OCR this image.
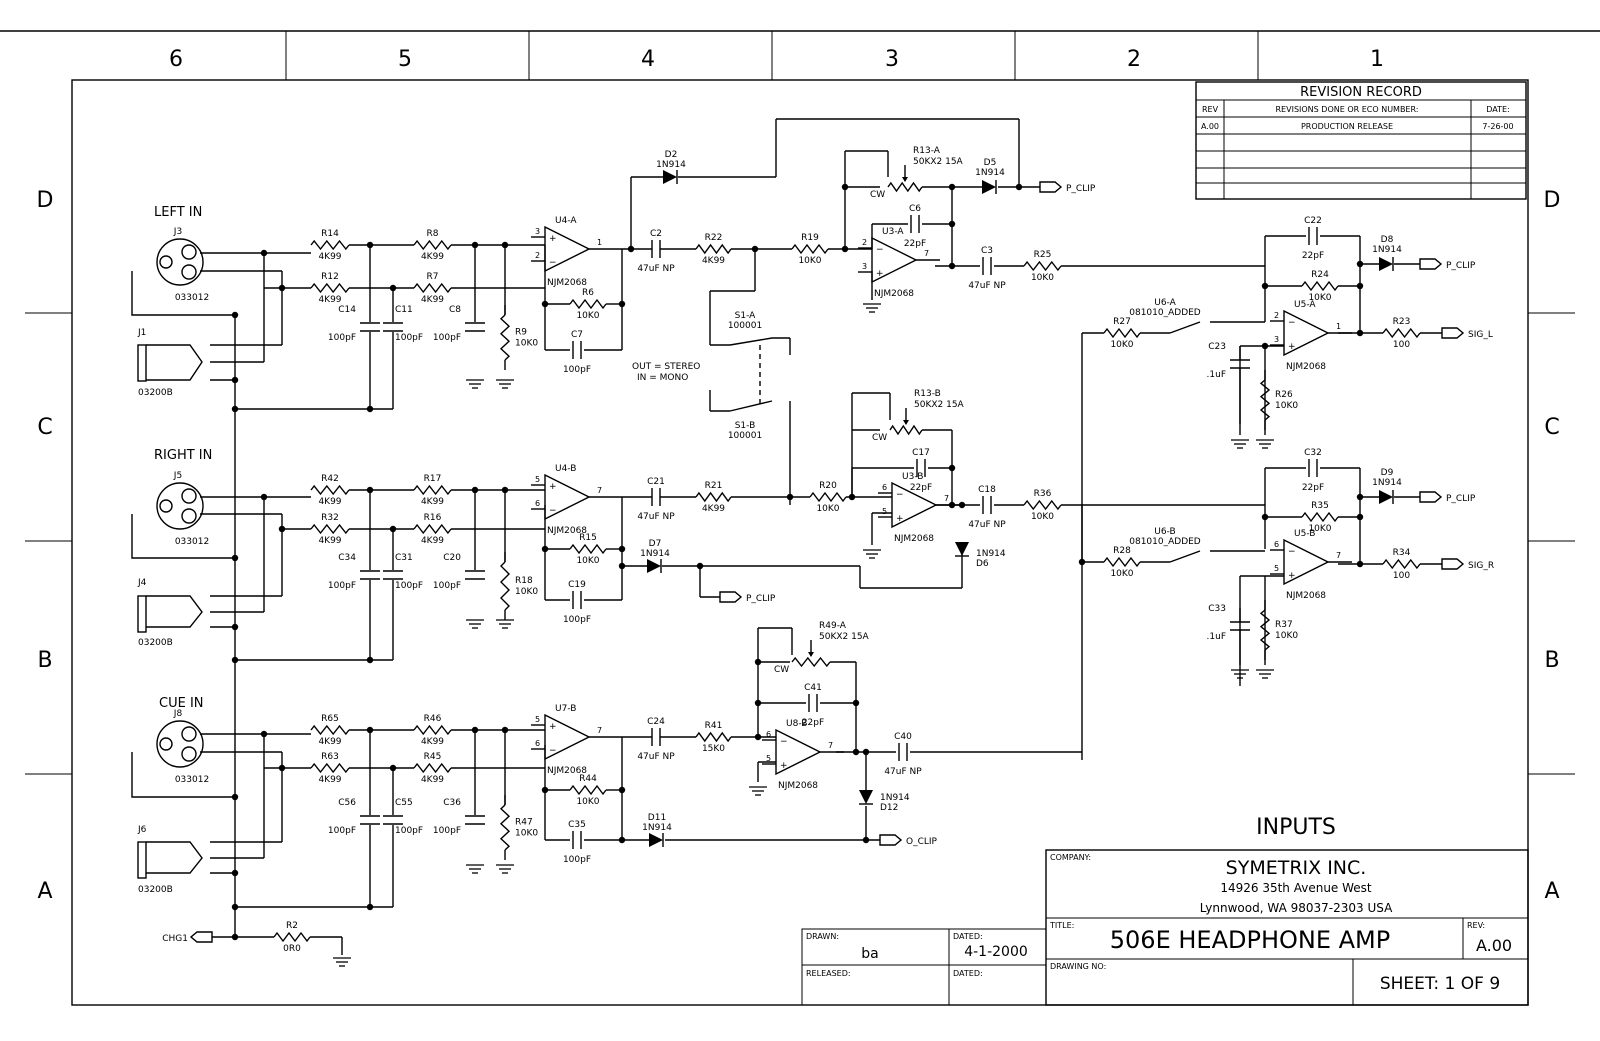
6	5	4	3	2	1
D
C
B
A
D
C
B
A
REVISION RECORD
REV	REVISIONS DONE OR ECO NUMBER:	DATE:
A.00	PRODUCTION RELEASE	7-26-00
LEFT IN
RIGHT IN
CUE IN
OUT = STEREO
IN = MONO
R14
4K99
R12
4K99
R8
4K99
R7
4K99
R6
10K0
R22
4K99
R19
10K0
R25
10K0
R27
10K0
R24
10K0
R23
100
R42
4K99
R32
4K99
R17
4K99
R16
4K99	R15
10K0
R21
4K99
R20
10K0
R36
10K0
R28
10K0
R35
10K0
R34
100
R65
4K99
R63
4K99
R46
4K99
R45
4K99	R44
10K0
R41
15K0
R2
0R0
R9
10K0
R26
10K0
R18
10K0
R37
10K0
R47
10K0
C7
100pF
C2
47uF NP
C6
22pF
C3
47uF NP
C22
22pF
C19
100pF
C21
47uF NP
C17
22pF	C18
47uF NP
C32
22pF
C35
100pF
C24
47uF NP
C41
22pF
C40
47uF NP
C14
100pF
C11
100pF
C8
100pF
C23
.1uF
C34
100pF
C31
100pF
C20
100pF
C33
.1uF
C56
100pF
C55
100pF
C36
100pF
D2
1N914	D5
1N914
D8
1N914
D7
1N914	1N914
D6
D9
1N914
D11
1N914
1N914
D12
+
−
3
2
1
U4-A
NJM2068
−
+
2
3
7
U3-A
NJM2068
−
+
2
3
1
U5-A
NJM2068
+
−
5
6
7
U4-B
NJM2068
−
+
6
5
7
U3-B
NJM2068
−
+
6
5
7
U5-B
NJM2068
+
−
5
6
7
U7-B
NJM2068
−
+
6
5
7
U8-B
NJM2068
R13-A
50KX2 15A
CW
R13-B
50KX2 15A
CW
R49-A
50KX2 15A
CW
S1-A
100001
S1-B
100001
U6-A
081010_ADDED
U6-B
081010_ADDED
J3
033012
J5
033012
J8
033012
J1
03200B
J4
03200B
J6
03200B
P_CLIP
P_CLIP
SIG_L
P_CLIP
P_CLIP
SIG_R
O_CLIP
CHG1
INPUTS
COMPANY:	SYMETRIX INC.
14926 35th Avenue West
Lynnwood, WA 98037-2303 USA
TITLE:
506E HEADPHONE AMP
REV:
A.00
DRAWING NO:
SHEET: 1 OF 9
DRAWN:
ba
DATED:
4-1-2000
RELEASED:	DATED:
